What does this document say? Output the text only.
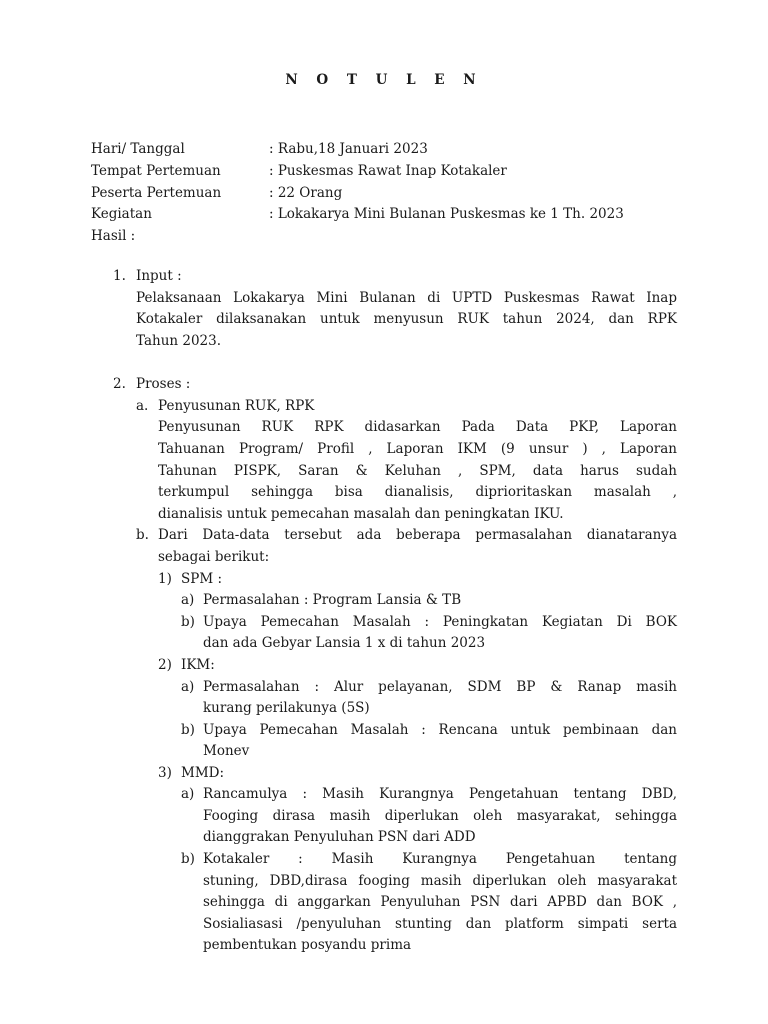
N O T U L E N
Hari/ Tanggal	: Rabu,18 Januari 2023
Tempat Pertemuan	: Puskesmas Rawat Inap Kotakaler
Peserta Pertemuan	: 22 Orang
Kegiatan	: Lokakarya Mini Bulanan Puskesmas ke 1 Th. 2023
Hasil :
1. Input :
Pelaksanaan Lokakarya Mini Bulanan di UPTD Puskesmas Rawat Inap
Kotakaler dilaksanakan untuk menyusun RUK tahun 2024, dan RPK
Tahun 2023.
2. Proses :
a. Penyusunan RUK, RPK
Penyusunan RUK RPK didasarkan Pada Data PKP, Laporan
Tahuanan Program/ Profil , Laporan IKM (9 unsur ) , Laporan
Tahunan PISPK, Saran & Keluhan , SPM, data harus sudah
terkumpul sehingga bisa dianalisis, diprioritaskan masalah ,
dianalisis untuk pemecahan masalah dan peningkatan IKU.
b. Dari Data-data tersebut ada beberapa permasalahan dianataranya
sebagai berikut:
1) SPM :
a) Permasalahan : Program Lansia & TB
b) Upaya Pemecahan Masalah : Peningkatan Kegiatan Di BOK
dan ada Gebyar Lansia 1 x di tahun 2023
2) IKM:
a) Permasalahan : Alur pelayanan, SDM BP & Ranap masih
kurang perilakunya (5S)
b) Upaya Pemecahan Masalah : Rencana untuk pembinaan dan
Monev
3) MMD:
a) Rancamulya : Masih Kurangnya Pengetahuan tentang DBD,
Fooging dirasa masih diperlukan oleh masyarakat, sehingga
dianggrakan Penyuluhan PSN dari ADD
b) Kotakaler : Masih Kurangnya Pengetahuan tentang
stuning, DBD,dirasa fooging masih diperlukan oleh masyarakat
sehingga di anggarkan Penyuluhan PSN dari APBD dan BOK ,
Sosialiasasi /penyuluhan stunting dan platform simpati serta
pembentukan posyandu prima
